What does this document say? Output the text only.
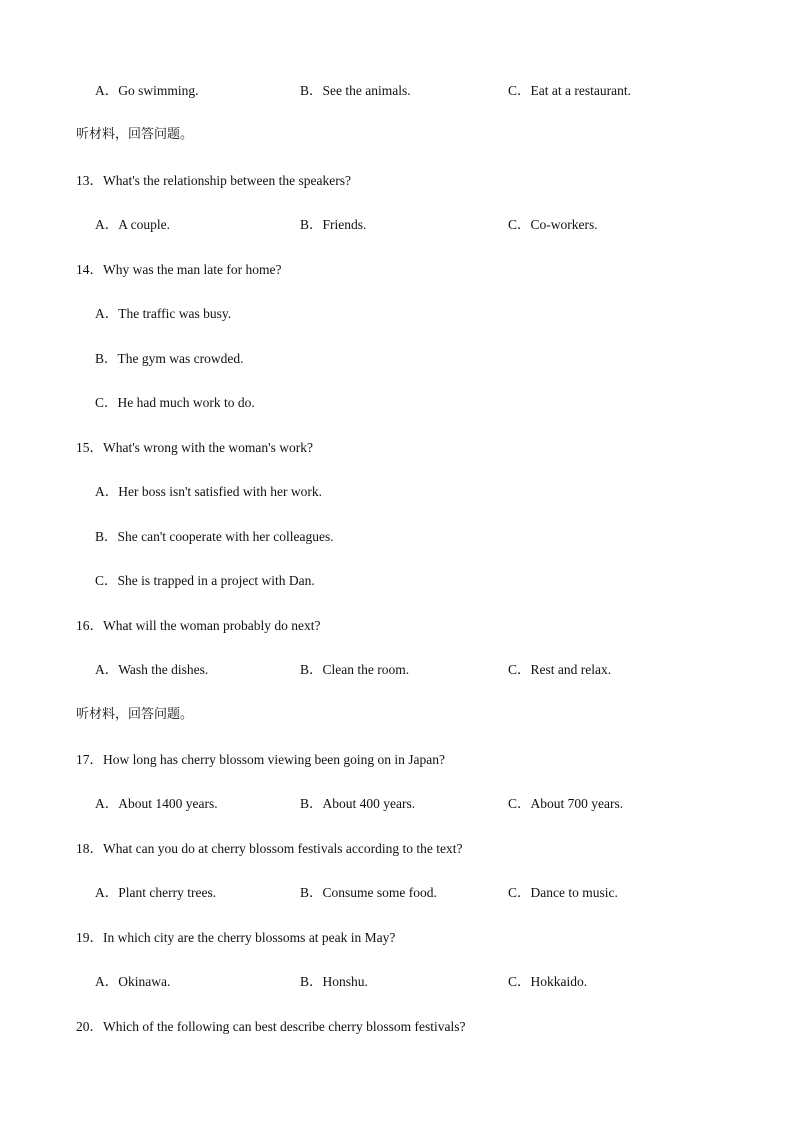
A．Go swimming.	B．See the animals.	C．Eat at a restaurant.
听材料，回答问题。
13．What's the relationship between the speakers?
A．A couple.	B．Friends.	C．Co-workers.
14．Why was the man late for home?
A．The traffic was busy.
B．The gym was crowded.
C．He had much work to do.
15．What's wrong with the woman's work?
A．Her boss isn't satisfied with her work.
B．She can't cooperate with her colleagues.
C．She is trapped in a project with Dan.
16．What will the woman probably do next?
A．Wash the dishes.	B．Clean the room.	C．Rest and relax.
听材料，回答问题。
17．How long has cherry blossom viewing been going on in Japan?
A．About 1400 years.	B．About 400 years.	C．About 700 years.
18．What can you do at cherry blossom festivals according to the text?
A．Plant cherry trees.	B．Consume some food.	C．Dance to music.
19．In which city are the cherry blossoms at peak in May?
A．Okinawa.	B．Honshu.	C．Hokkaido.
20．Which of the following can best describe cherry blossom festivals?
